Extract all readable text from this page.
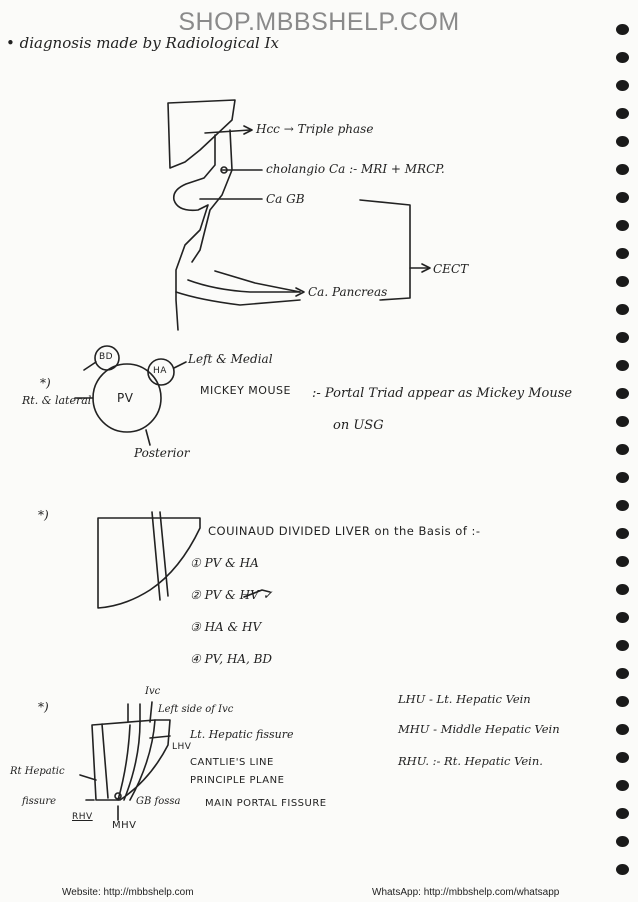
SHOP.MBBSHELP.COM
• diagnosis made by Radiological Ix
Hcc → Triple phase
cholangio Ca :- MRI + MRCP.
Ca GB
CECT
Ca. Pancreas
*)
BD
HA
PV
Left & Medial
Rt. & lateral
Posterior
MICKEY MOUSE :- Portal Triad appear as Mickey Mouse
on USG
*)
COUINAUD DIVIDED LIVER on the Basis of :-
① PV & HA
② PV & HV ✓
③ HA & HV
④ PV, HA, BD
*)
Ivc
Left side of Ivc
Lt. Hepatic fissure
LHV
CANTLIE'S LINE
PRINCIPLE PLANE
GB fossa MAIN PORTAL FISSURE
Rt Hepatic
fissure
RHV
MHV
LHU - Lt. Hepatic Vein
MHU - Middle Hepatic Vein
RHU. :- Rt. Hepatic Vein.
Website: http://mbbshelp.com	WhatsApp: http://mbbshelp.com/whatsapp
